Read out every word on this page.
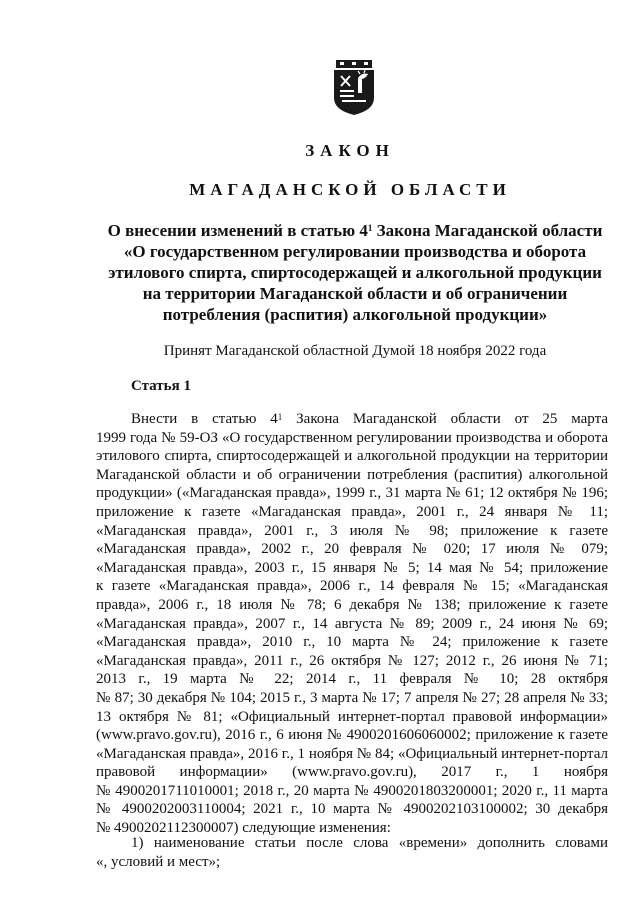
ЗАКОН
МАГАДАНСКОЙ ОБЛАСТИ
О внесении изменений в статью $4^1$ Закона Магаданской области
«О государственном регулировании производства и оборота
этилового спирта, спиртосодержащей и алкогольной продукции
на территории Магаданской области и об ограничении
потребления (распития) алкогольной продукции»
Принят Магаданской областной Думой 18 ноября 2022 года
Статья 1
Внести в статью $4^1$ Закона Магаданской области от 25 марта
1999 года № 59-ОЗ «О государственном регулировании производства и оборота
этилового спирта, спиртосодержащей и алкогольной продукции на территории
Магаданской области и об ограничении потребления (распития) алкогольной
продукции» («Магаданская правда», 1999 г., 31 марта № 61; 12 октября № 196;
приложение к газете «Магаданская правда», 2001 г., 24 января № 11;
«Магаданская правда», 2001 г., 3 июля № 98; приложение к газете
«Магаданская правда», 2002 г., 20 февраля № 020; 17 июля № 079;
«Магаданская правда», 2003 г., 15 января № 5; 14 мая № 54; приложение
к газете «Магаданская правда», 2006 г., 14 февраля № 15; «Магаданская
правда», 2006 г., 18 июля № 78; 6 декабря № 138; приложение к газете
«Магаданская правда», 2007 г., 14 августа № 89; 2009 г., 24 июня № 69;
«Магаданская правда», 2010 г., 10 марта № 24; приложение к газете
«Магаданская правда», 2011 г., 26 октября № 127; 2012 г., 26 июня № 71;
2013 г., 19 марта № 22; 2014 г., 11 февраля № 10; 28 октября
№ 87; 30 декабря № 104; 2015 г., 3 марта № 17; 7 апреля № 27; 28 апреля № 33;
13 октября № 81; «Официальный интернет-портал правовой информации»
(www.pravo.gov.ru), 2016 г., 6 июня № 4900201606060002; приложение к газете
«Магаданская правда», 2016 г., 1 ноября № 84; «Официальный интернет-портал
правовой информации» (www.pravo.gov.ru), 2017 г., 1 ноября
№ 4900201711010001; 2018 г., 20 марта № 4900201803200001; 2020 г., 11 марта
№ 4900202003110004; 2021 г., 10 марта № 4900202103100002; 30 декабря
№ 4900202112300007) следующие изменения:
1) наименование статьи после слова «времени» дополнить словами
«, условий и мест»;
